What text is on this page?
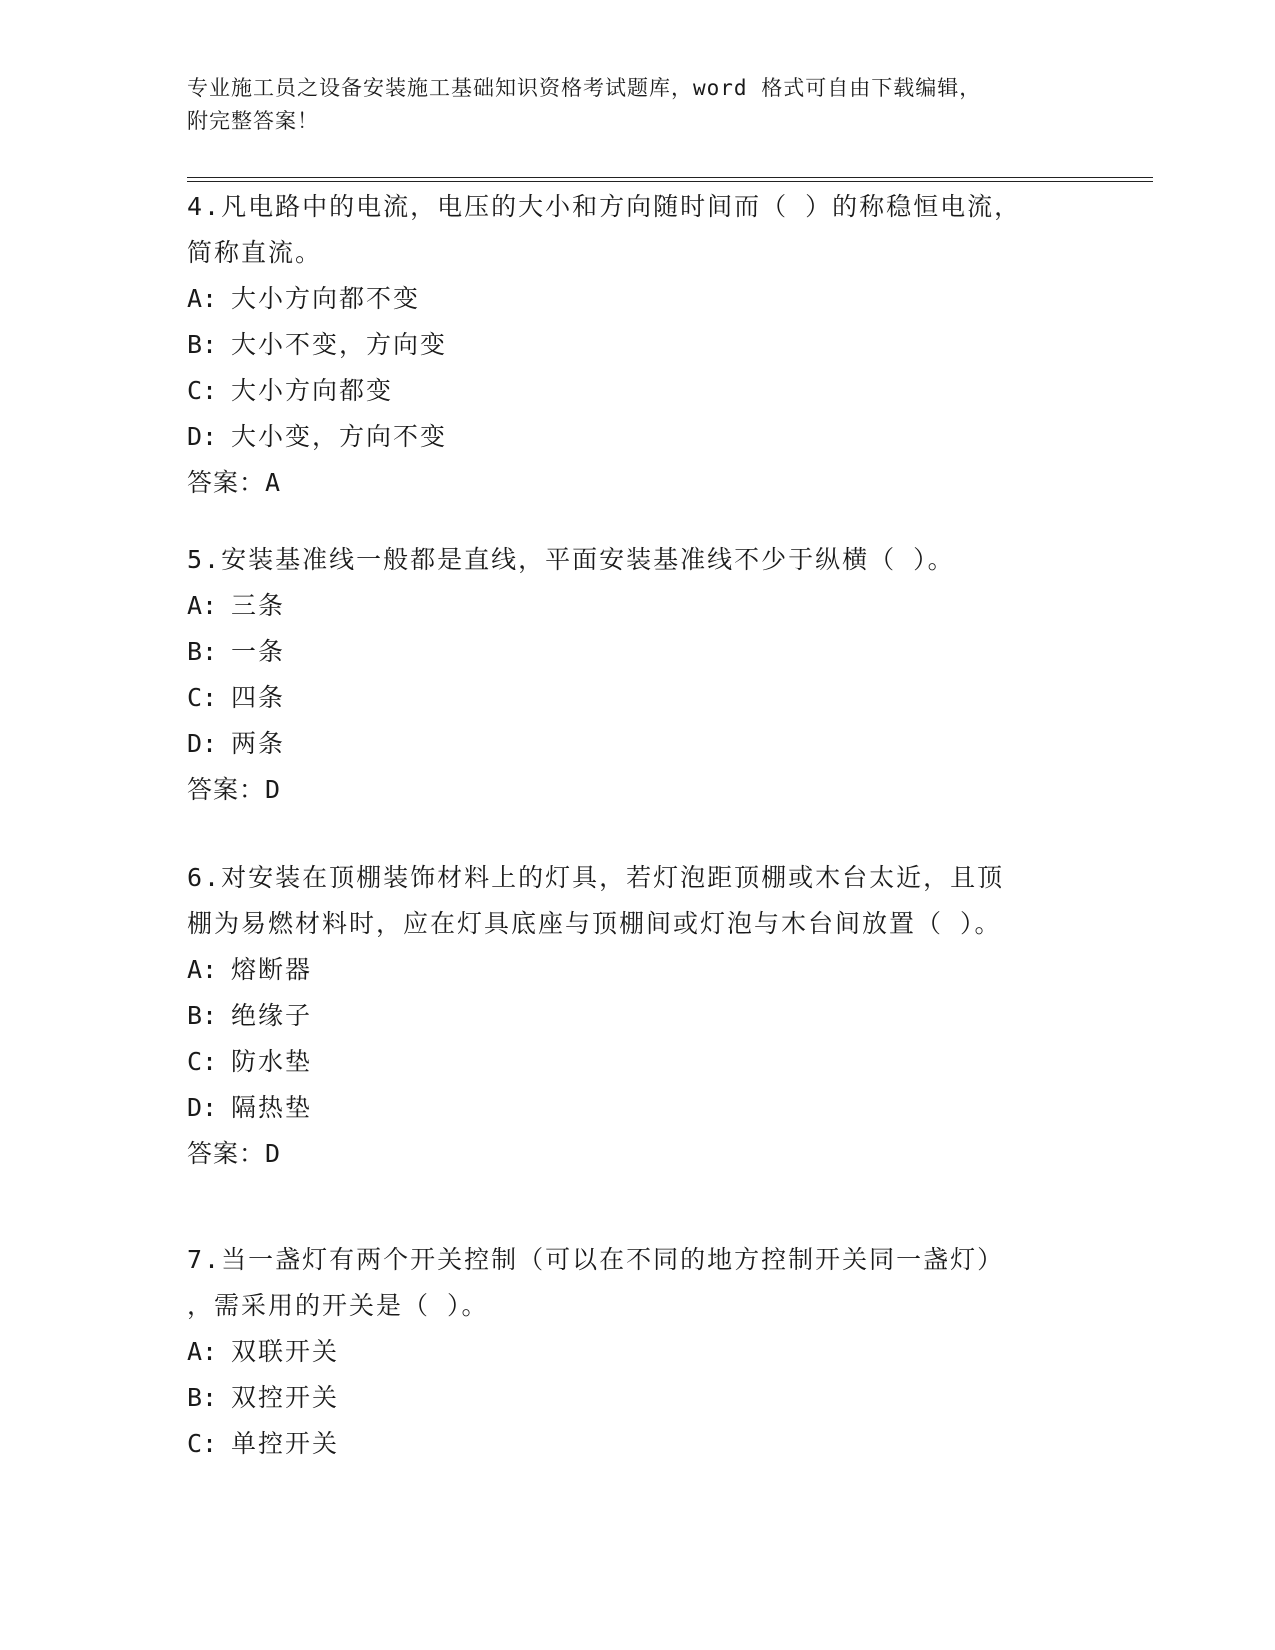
专业施工员之设备安装施工基础知识资格考试题库，word 格式可自由下载编辑，
附完整答案！

4.凡电路中的电流，电压的大小和方向随时间而（ ）的称稳恒电流，

简称直流。

A: 大小方向都不变
B: 大小不变，方向变
C: 大小方向都变
D: 大小变，方向不变
答案： A

5.安装基准线一般都是直线，平面安装基准线不少于纵横（ ）。

A: 三条
B: 一条
C: 四条
D: 两条
答案： D

6.对安装在顶棚装饰材料上的灯具，若灯泡距顶棚或木台太近，且顶

棚为易燃材料时，应在灯具底座与顶棚间或灯泡与木台间放置（ ）。

A: 熔断器
B: 绝缘子
C: 防水垫
D: 隔热垫
答案： D

7.当一盏灯有两个开关控制（可以在不同的地方控制开关同一盏灯）

，需采用的开关是（ ）。

A: 双联开关
B: 双控开关
C: 单控开关
